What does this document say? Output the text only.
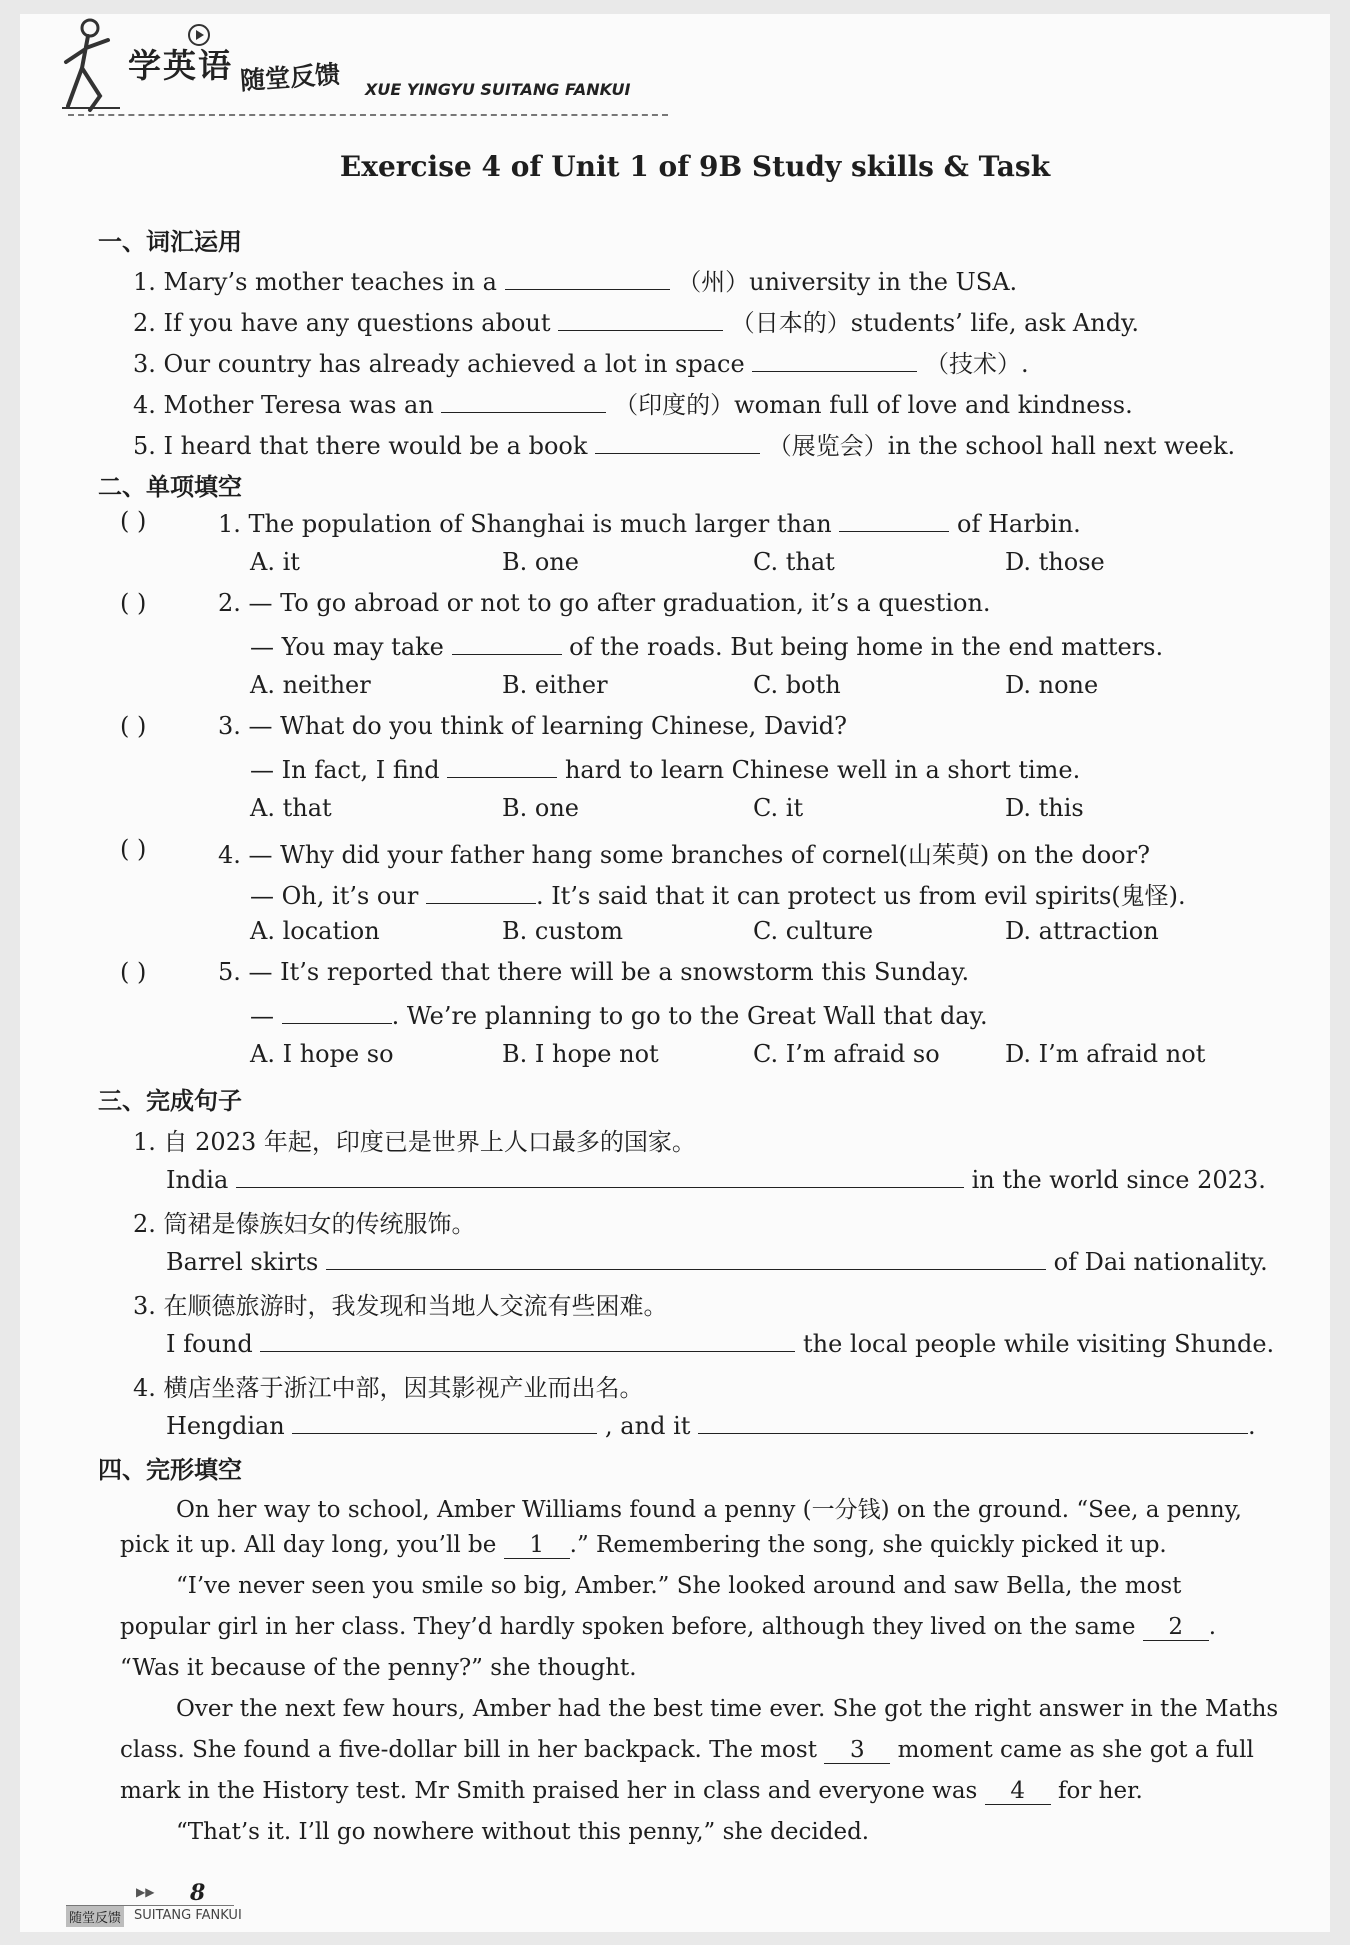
学英语 随堂反馈 XUE YINGYU SUITANG FANKUI
Exercise 4 of Unit 1 of 9B Study skills & Task
一、词汇运用
1. Mary’s mother teaches in a	（州）university in the USA.
2. If you have any questions about	（日本的）students’ life, ask Andy.
3. Our country has already achieved a lot in space	（技术）.
4. Mother Teresa was an	（印度的）woman full of love and kindness.
5. I heard that there would be a book	（展览会）in the school hall next week.
二、单项填空
( )	1. The population of Shanghai is much larger than	of Harbin.
A. it	B. one	C. that	D. those
( )	2. — To go abroad or not to go after graduation, it’s a question.
— You may take	of the roads. But being home in the end matters.
A. neither	B. either	C. both	D. none
( )	3. — What do you think of learning Chinese, David?
— In fact, I find	hard to learn Chinese well in a short time.
A. that	B. one	C. it	D. this
( )	4. — Why did your father hang some branches of cornel(山茱萸) on the door?
— Oh, it’s our	. It’s said that it can protect us from evil spirits(鬼怪).
A. location	B. custom	C. culture	D. attraction
( )	5. — It’s reported that there will be a snowstorm this Sunday.
—	. We’re planning to go to the Great Wall that day.
A. I hope so	B. I hope not	C. I’m afraid so	D. I’m afraid not
三、完成句子
1. 自 2023 年起，印度已是世界上人口最多的国家。
India	in the world since 2023.
2. 筒裙是傣族妇女的传统服饰。
Barrel skirts	of Dai nationality.
3. 在顺德旅游时，我发现和当地人交流有些困难。
I found	the local people while visiting Shunde.
4. 横店坐落于浙江中部，因其影视产业而出名。
Hengdian	, and it	.
四、完形填空
On her way to school, Amber Williams found a penny (一分钱) on the ground. “See, a penny,
pick it up. All day long, you’ll be 1 .” Remembering the song, she quickly picked it up.
“I’ve never seen you smile so big, Amber.” She looked around and saw Bella, the most
popular girl in her class. They’d hardly spoken before, although they lived on the same 2 .
“Was it because of the penny?” she thought.
Over the next few hours, Amber had the best time ever. She got the right answer in the Maths
class. She found a five-dollar bill in her backpack. The most 3 moment came as she got a full
mark in the History test. Mr Smith praised her in class and everyone was 4 for her.
“That’s it. I’ll go nowhere without this penny,” she decided.
▶▶ 8
随堂反馈 SUITANG FANKUI
